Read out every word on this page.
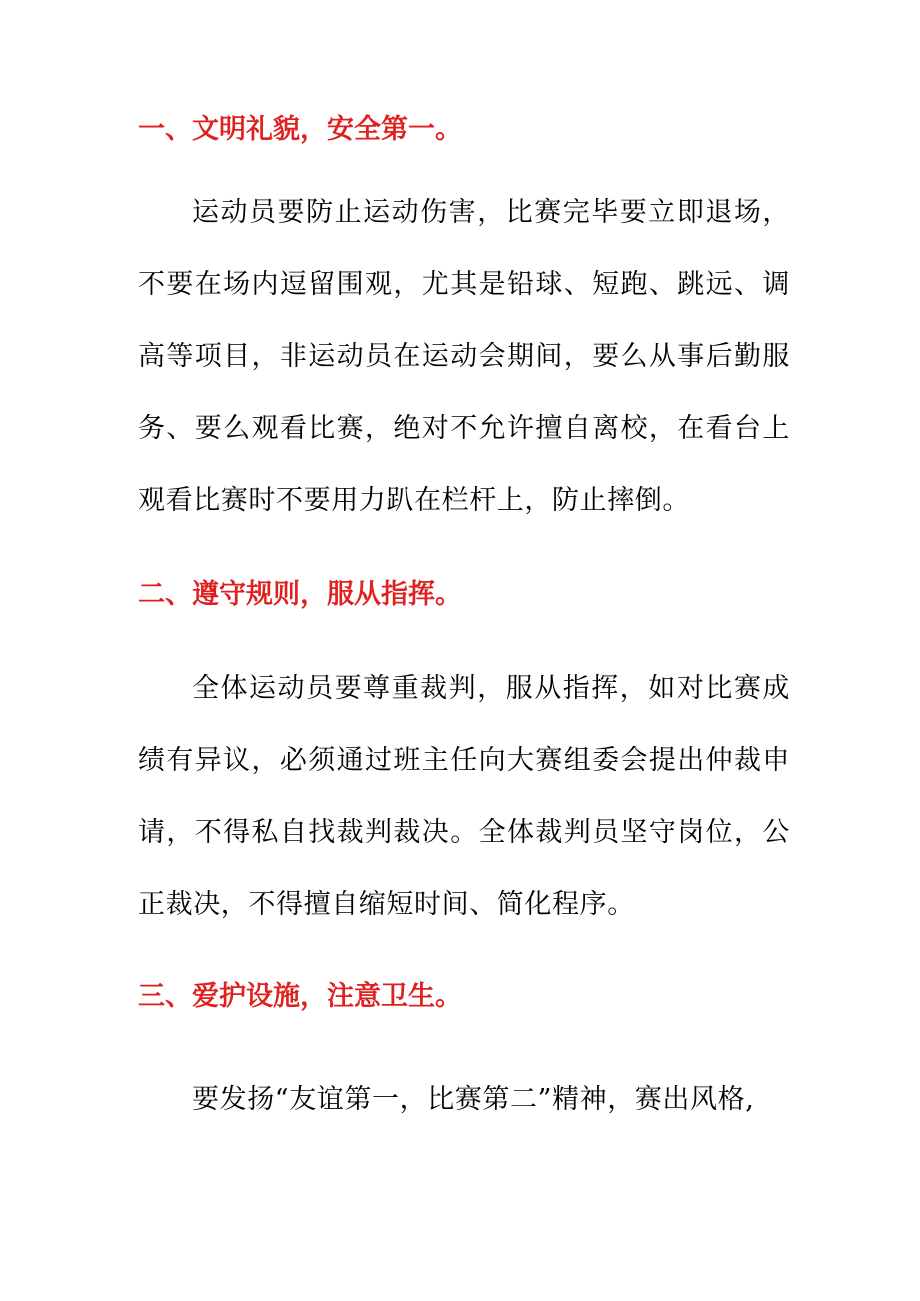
一、文明礼貌，安全第一。
运动员要防止运动伤害，比赛完毕要立即退场，不要在场内逗留围观，尤其是铅球、短跑、跳远、调高等项目，非运动员在运动会期间，要么从事后勤服务、要么观看比赛，绝对不允许擅自离校，在看台上观看比赛时不要用力趴在栏杆上，防止摔倒。
二、遵守规则，服从指挥。
全体运动员要尊重裁判，服从指挥，如对比赛成绩有异议，必须通过班主任向大赛组委会提出仲裁申请，不得私自找裁判裁决。全体裁判员坚守岗位，公正裁决，不得擅自缩短时间、简化程序。
三、爱护设施，注意卫生。
要发扬“友谊第一，比赛第二”精神，赛出风格,
